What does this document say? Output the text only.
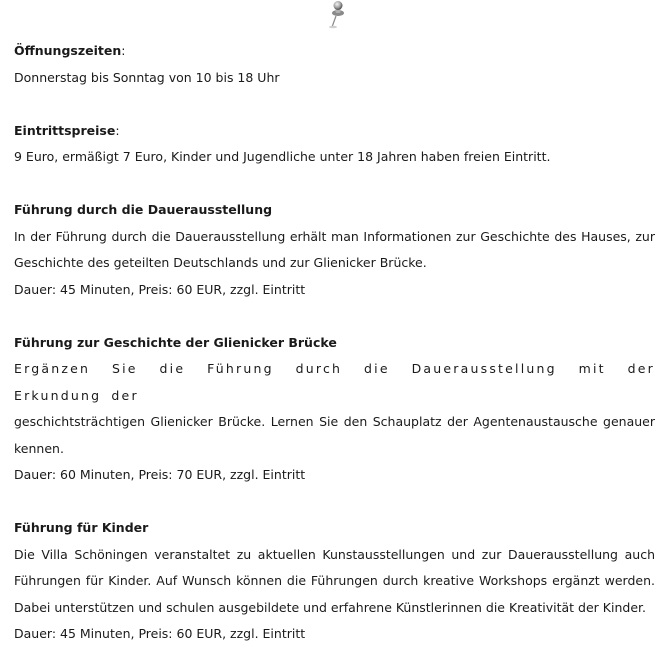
Öffnungszeiten:

Donnerstag bis Sonntag von 10 bis 18 Uhr

Eintrittspreise:

9 Euro, ermäßigt 7 Euro, Kinder und Jugendliche unter 18 Jahren haben freien Eintritt.

Führung durch die Dauerausstellung

In der Führung durch die Dauerausstellung erhält man Informationen zur Geschichte des Hauses, zur Geschichte des geteilten Deutschlands und zur Glienicker Brücke.

Dauer: 45 Minuten, Preis: 60 EUR, zzgl. Eintritt

Führung zur Geschichte der Glienicker Brücke

Ergänzen Sie die Führung durch die Dauerausstellung mit der Erkundung der

geschichtsträchtigen Glienicker Brücke. Lernen Sie den Schauplatz der Agentenaustausche genauer kennen.

Dauer: 60 Minuten, Preis: 70 EUR, zzgl. Eintritt

Führung für Kinder

Die Villa Schöningen veranstaltet zu aktuellen Kunstausstellungen und zur Dauerausstellung auch Führungen für Kinder. Auf Wunsch können die Führungen durch kreative Workshops ergänzt werden. Dabei unterstützen und schulen ausgebildete und erfahrene Künstlerinnen die Kreativität der Kinder.

Dauer: 45 Minuten, Preis: 60 EUR, zzgl. Eintritt
